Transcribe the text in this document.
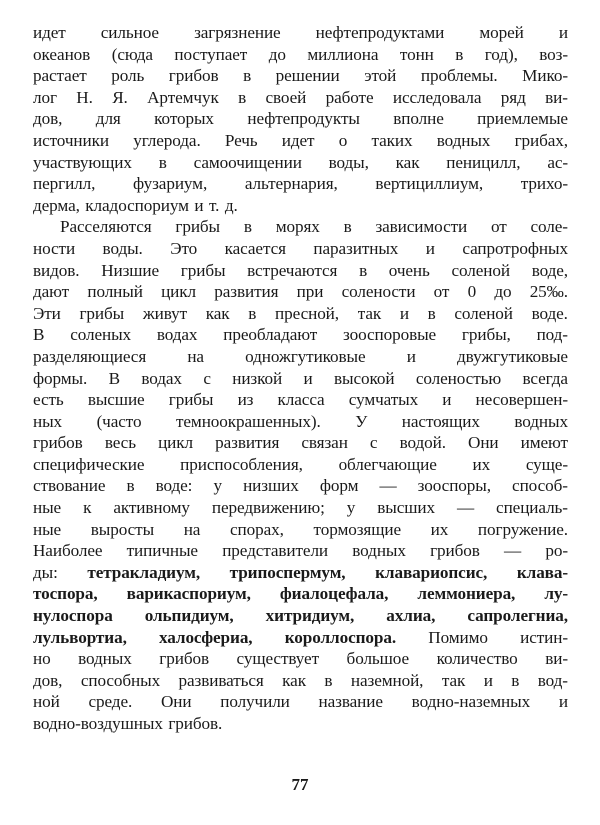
идет сильное загрязнение нефтепродуктами морей и
океанов (сюда поступает до миллиона тонн в год), воз-
растает роль грибов в решении этой проблемы. Мико-
лог Н. Я. Артемчук в своей работе исследовала ряд ви-
дов, для которых нефтепродукты вполне приемлемые
источники углерода. Речь идет о таких водных грибах,
участвующих в самоочищении воды, как пеницилл, ас-
пергилл, фузариум, альтернария, вертициллиум, трихо-
дерма, кладоспориум и т. д.
Расселяются грибы в морях в зависимости от соле-
ности воды. Это касается паразитных и сапротрофных
видов. Низшие грибы встречаются в очень соленой воде,
дают полный цикл развития при солености от 0 до 25‰.
Эти грибы живут как в пресной, так и в соленой воде.
В соленых водах преобладают зооспоровые грибы, под-
разделяющиеся на одножгутиковые и двужгутиковые
формы. В водах с низкой и высокой соленостью всегда
есть высшие грибы из класса сумчатых и несовершен-
ных (часто темноокрашенных). У настоящих водных
грибов весь цикл развития связан с водой. Они имеют
специфические приспособления, облегчающие их суще-
ствование в воде: у низших форм — зооспоры, способ-
ные к активному передвижению; у высших — специаль-
ные выросты на спорах, тормозящие их погружение.
Наиболее типичные представители водных грибов — ро-
ды: тетракладиум, трипоспермум, клавариопсис, клава-
тоспора, варикаспориум, фиалоцефала, леммониера, лу-
нулоспора ольпидиум, хитридиум, ахлиа, сапролегниа,
лульвортиа, халосфериа, короллоспора. Помимо истин-
но водных грибов существует большое количество ви-
дов, способных развиваться как в наземной, так и в вод-
ной среде. Они получили название водно-наземных и
водно-воздушных грибов.
77
